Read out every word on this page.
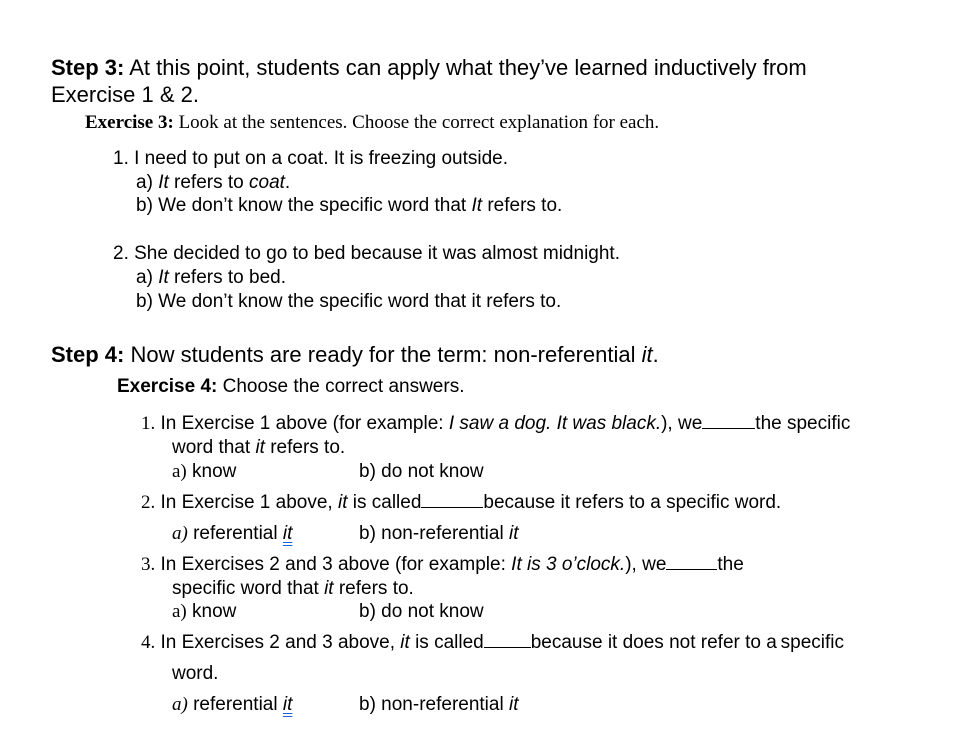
Step 3: At this point, students can apply what they’ve learned inductively from
Exercise 1 & 2.
Exercise 3: Look at the sentences. Choose the correct explanation for each.
1. I need to put on a coat. It is freezing outside.
a) It refers to coat.
b) We don’t know the specific word that It refers to.
2. She decided to go to bed because it was almost midnight.
a) It refers to bed.
b) We don’t know the specific word that it refers to.
Step 4: Now students are ready for the term: non-referential it.
Exercise 4: Choose the correct answers.
1. In Exercise 1 above (for example: I saw a dog. It was black.), we	the specific
word that it refers to.
a) know	b) do not know
2. In Exercise 1 above, it is called	because it refers to a specific word.
a) referential it	b) non-referential it
3. In Exercises 2 and 3 above (for example: It is 3 o’clock.), we	the
specific word that it refers to.
a) know	b) do not know
4. In Exercises 2 and 3 above, it is called because it does not refer to a specific
word.
a) referential it	b) non-referential it
